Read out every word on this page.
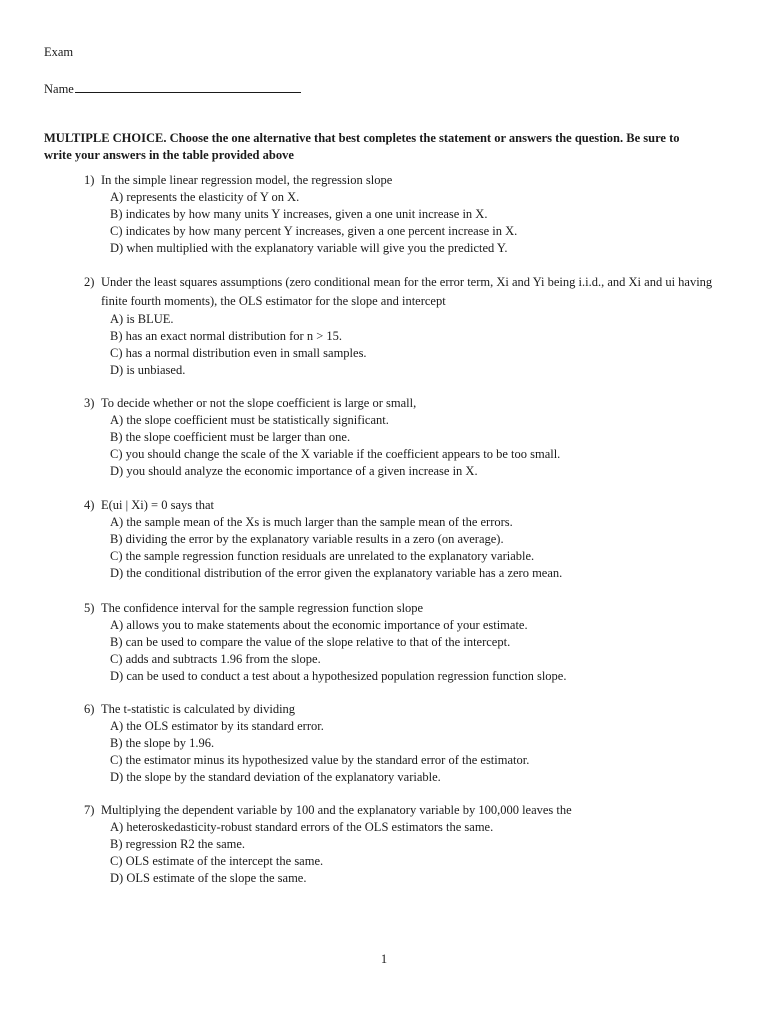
Exam
Name
MULTIPLE CHOICE. Choose the one alternative that best completes the statement or answers the question. Be sure to write your answers in the table provided above
1) In the simple linear regression model, the regression slope
A) represents the elasticity of Y on X.
B) indicates by how many units Y increases, given a one unit increase in X.
C) indicates by how many percent Y increases, given a one percent increase in X.
D) when multiplied with the explanatory variable will give you the predicted Y.
2) Under the least squares assumptions (zero conditional mean for the error term, Xi and Yi being i.i.d., and Xi and ui having finite fourth moments), the OLS estimator for the slope and intercept
A) is BLUE.
B) has an exact normal distribution for n > 15.
C) has a normal distribution even in small samples.
D) is unbiased.
3) To decide whether or not the slope coefficient is large or small,
A) the slope coefficient must be statistically significant.
B) the slope coefficient must be larger than one.
C) you should change the scale of the X variable if the coefficient appears to be too small.
D) you should analyze the economic importance of a given increase in X.
4) E(ui | Xi) = 0 says that
A) the sample mean of the Xs is much larger than the sample mean of the errors.
B) dividing the error by the explanatory variable results in a zero (on average).
C) the sample regression function residuals are unrelated to the explanatory variable.
D) the conditional distribution of the error given the explanatory variable has a zero mean.
5) The confidence interval for the sample regression function slope
A) allows you to make statements about the economic importance of your estimate.
B) can be used to compare the value of the slope relative to that of the intercept.
C) adds and subtracts 1.96 from the slope.
D) can be used to conduct a test about a hypothesized population regression function slope.
6) The t-statistic is calculated by dividing
A) the OLS estimator by its standard error.
B) the slope by 1.96.
C) the estimator minus its hypothesized value by the standard error of the estimator.
D) the slope by the standard deviation of the explanatory variable.
7) Multiplying the dependent variable by 100 and the explanatory variable by 100,000 leaves the
A) heteroskedasticity-robust standard errors of the OLS estimators the same.
B) regression R2 the same.
C) OLS estimate of the intercept the same.
D) OLS estimate of the slope the same.
1
